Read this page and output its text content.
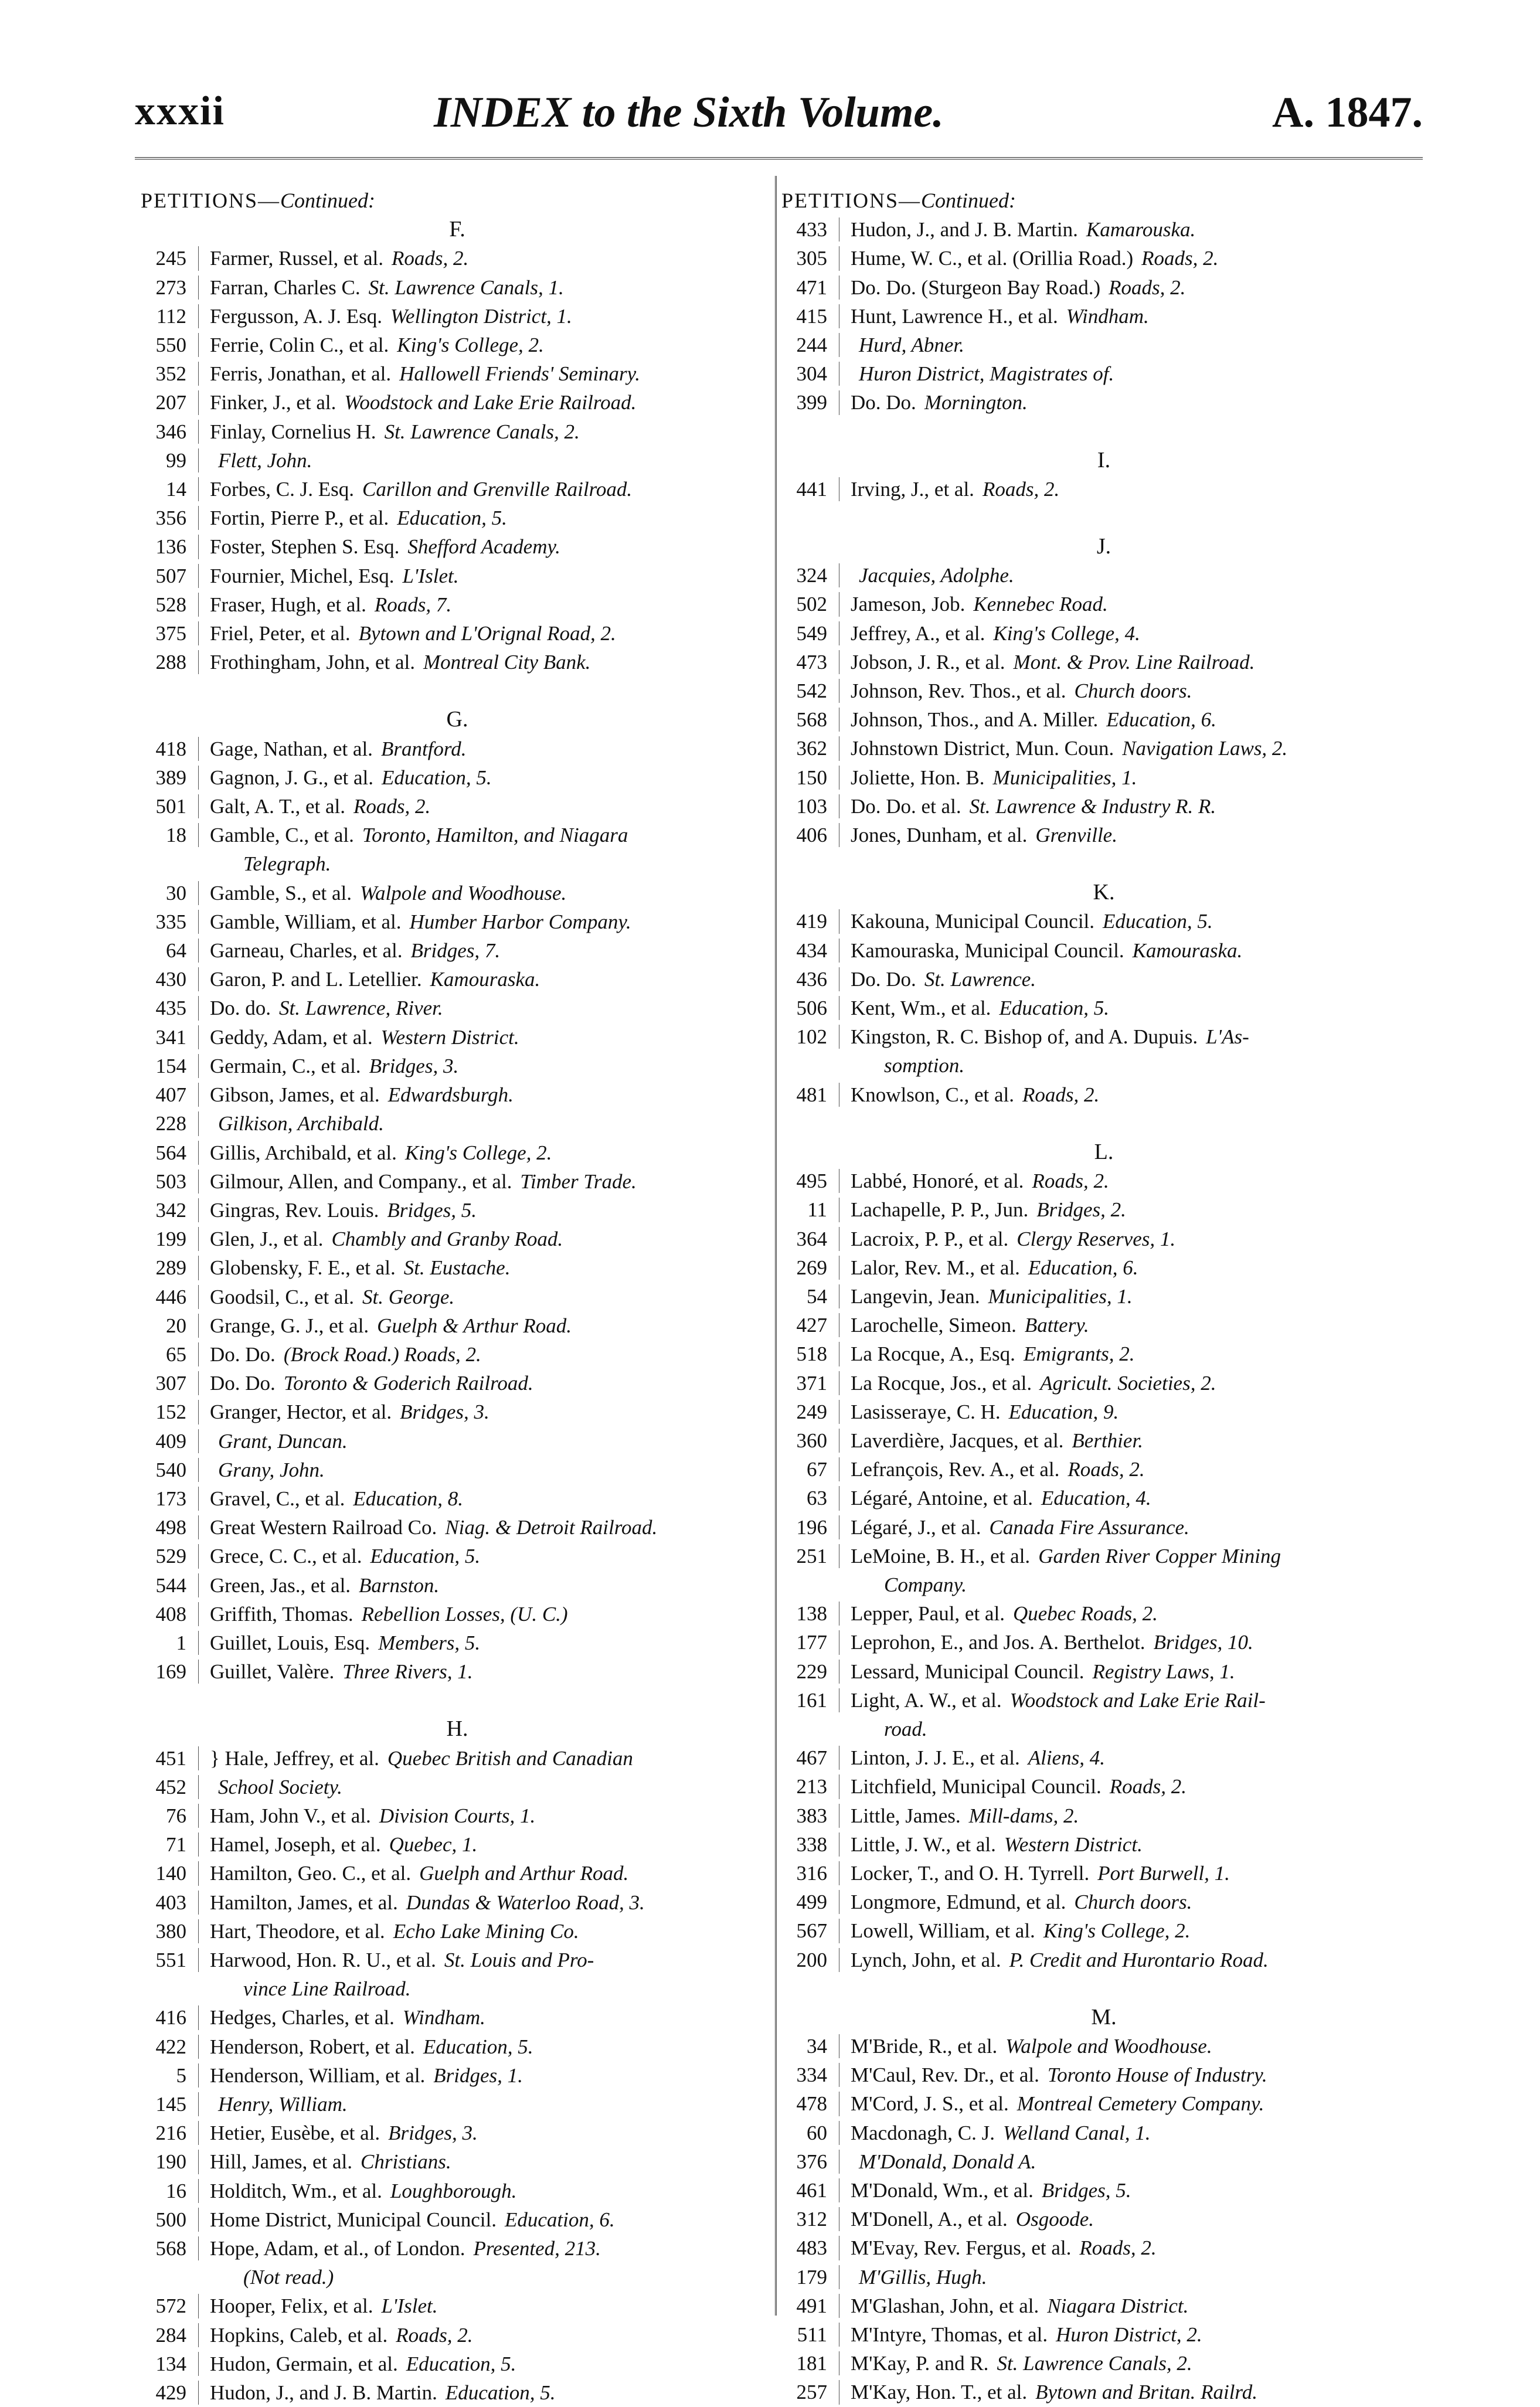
xxxii	INDEX to the Sixth Volume.	A. 1847.
PETITIONS—Continued:
F.
245 Farmer, Russel, et al. Roads, 2.
273 Farran, Charles C. St. Lawrence Canals, 1.
112 Fergusson, A. J. Esq. Wellington District, 1.
550 Ferrie, Colin C., et al. King's College, 2.
352 Ferris, Jonathan, et al. Hallowell Friends' Seminary.
207 Finker, J., et al. Woodstock and Lake Erie Railroad.
346 Finlay, Cornelius H. St. Lawrence Canals, 2.
99 Flett, John.
14 Forbes, C. J. Esq. Carillon and Grenville Railroad.
356 Fortin, Pierre P., et al. Education, 5.
136 Foster, Stephen S. Esq. Shefford Academy.
507 Fournier, Michel, Esq. L'Islet.
528 Fraser, Hugh, et al. Roads, 7.
375 Friel, Peter, et al. Bytown and L'Orignal Road, 2.
288 Frothingham, John, et al. Montreal City Bank.
G.
418 Gage, Nathan, et al. Brantford.
389 Gagnon, J. G., et al. Education, 5.
501 Galt, A. T., et al. Roads, 2.
18 Gamble, C., et al. Toronto, Hamilton, and Niagara
Telegraph.
30 Gamble, S., et al. Walpole and Woodhouse.
335 Gamble, William, et al. Humber Harbor Company.
64 Garneau, Charles, et al. Bridges, 7.
430 Garon, P. and L. Letellier. Kamouraska.
435 Do. do. St. Lawrence, River.
341 Geddy, Adam, et al. Western District.
154 Germain, C., et al. Bridges, 3.
407 Gibson, James, et al. Edwardsburgh.
228 Gilkison, Archibald.
564 Gillis, Archibald, et al. King's College, 2.
503 Gilmour, Allen, and Company., et al. Timber Trade.
342 Gingras, Rev. Louis. Bridges, 5.
199 Glen, J., et al. Chambly and Granby Road.
289 Globensky, F. E., et al. St. Eustache.
446 Goodsil, C., et al. St. George.
20 Grange, G. J., et al. Guelph & Arthur Road.
65 Do. Do. (Brock Road.) Roads, 2.
307 Do. Do. Toronto & Goderich Railroad.
152 Granger, Hector, et al. Bridges, 3.
409 Grant, Duncan.
540 Grany, John.
173 Gravel, C., et al. Education, 8.
498 Great Western Railroad Co. Niag. & Detroit Railroad.
529 Grece, C. C., et al. Education, 5.
544 Green, Jas., et al. Barnston.
408 Griffith, Thomas. Rebellion Losses, (U. C.)
1 Guillet, Louis, Esq. Members, 5.
169 Guillet, Valère. Three Rivers, 1.
H.
451 } Hale, Jeffrey, et al. Quebec British and Canadian
452 School Society.
76 Ham, John V., et al. Division Courts, 1.
71 Hamel, Joseph, et al. Quebec, 1.
140 Hamilton, Geo. C., et al. Guelph and Arthur Road.
403 Hamilton, James, et al. Dundas & Waterloo Road, 3.
380 Hart, Theodore, et al. Echo Lake Mining Co.
551 Harwood, Hon. R. U., et al. St. Louis and Pro-
vince Line Railroad.
416 Hedges, Charles, et al. Windham.
422 Henderson, Robert, et al. Education, 5.
5 Henderson, William, et al. Bridges, 1.
145 Henry, William.
216 Hetier, Eusèbe, et al. Bridges, 3.
190 Hill, James, et al. Christians.
16 Holditch, Wm., et al. Loughborough.
500 Home District, Municipal Council. Education, 6.
568 Hope, Adam, et al., of London. Presented, 213.
(Not read.)
572 Hooper, Felix, et al. L'Islet.
284 Hopkins, Caleb, et al. Roads, 2.
134 Hudon, Germain, et al. Education, 5.
429 Hudon, J., and J. B. Martin. Education, 5.
PETITIONS—Continued:
433 Hudon, J., and J. B. Martin. Kamarouska.
305 Hume, W. C., et al. (Orillia Road.) Roads, 2.
471 Do. Do. (Sturgeon Bay Road.) Roads, 2.
415 Hunt, Lawrence H., et al. Windham.
244 Hurd, Abner.
304 Huron District, Magistrates of.
399 Do. Do. Mornington.
I.
441 Irving, J., et al. Roads, 2.
J.
324 Jacquies, Adolphe.
502 Jameson, Job. Kennebec Road.
549 Jeffrey, A., et al. King's College, 4.
473 Jobson, J. R., et al. Mont. & Prov. Line Railroad.
542 Johnson, Rev. Thos., et al. Church doors.
568 Johnson, Thos., and A. Miller. Education, 6.
362 Johnstown District, Mun. Coun. Navigation Laws, 2.
150 Joliette, Hon. B. Municipalities, 1.
103 Do. Do. et al. St. Lawrence & Industry R. R.
406 Jones, Dunham, et al. Grenville.
K.
419 Kakouna, Municipal Council. Education, 5.
434 Kamouraska, Municipal Council. Kamouraska.
436 Do. Do. St. Lawrence.
506 Kent, Wm., et al. Education, 5.
102 Kingston, R. C. Bishop of, and A. Dupuis. L'As-
somption.
481 Knowlson, C., et al. Roads, 2.
L.
495 Labbé, Honoré, et al. Roads, 2.
11 Lachapelle, P. P., Jun. Bridges, 2.
364 Lacroix, P. P., et al. Clergy Reserves, 1.
269 Lalor, Rev. M., et al. Education, 6.
54 Langevin, Jean. Municipalities, 1.
427 Larochelle, Simeon. Battery.
518 La Rocque, A., Esq. Emigrants, 2.
371 La Rocque, Jos., et al. Agricult. Societies, 2.
249 Lasisseraye, C. H. Education, 9.
360 Laverdière, Jacques, et al. Berthier.
67 Lefrançois, Rev. A., et al. Roads, 2.
63 Légaré, Antoine, et al. Education, 4.
196 Légaré, J., et al. Canada Fire Assurance.
251 LeMoine, B. H., et al. Garden River Copper Mining
Company.
138 Lepper, Paul, et al. Quebec Roads, 2.
177 Leprohon, E., and Jos. A. Berthelot. Bridges, 10.
229 Lessard, Municipal Council. Registry Laws, 1.
161 Light, A. W., et al. Woodstock and Lake Erie Rail-
road.
467 Linton, J. J. E., et al. Aliens, 4.
213 Litchfield, Municipal Council. Roads, 2.
383 Little, James. Mill-dams, 2.
338 Little, J. W., et al. Western District.
316 Locker, T., and O. H. Tyrrell. Port Burwell, 1.
499 Longmore, Edmund, et al. Church doors.
567 Lowell, William, et al. King's College, 2.
200 Lynch, John, et al. P. Credit and Hurontario Road.
M.
34 M'Bride, R., et al. Walpole and Woodhouse.
334 M'Caul, Rev. Dr., et al. Toronto House of Industry.
478 M'Cord, J. S., et al. Montreal Cemetery Company.
60 Macdonagh, C. J. Welland Canal, 1.
376 M'Donald, Donald A.
461 M'Donald, Wm., et al. Bridges, 5.
312 M'Donell, A., et al. Osgoode.
483 M'Evay, Rev. Fergus, et al. Roads, 2.
179 M'Gillis, Hugh.
491 M'Glashan, John, et al. Niagara District.
511 M'Intyre, Thomas, et al. Huron District, 2.
181 M'Kay, P. and R. St. Lawrence Canals, 2.
257 M'Kay, Hon. T., et al. Bytown and Britan. Railrd.
